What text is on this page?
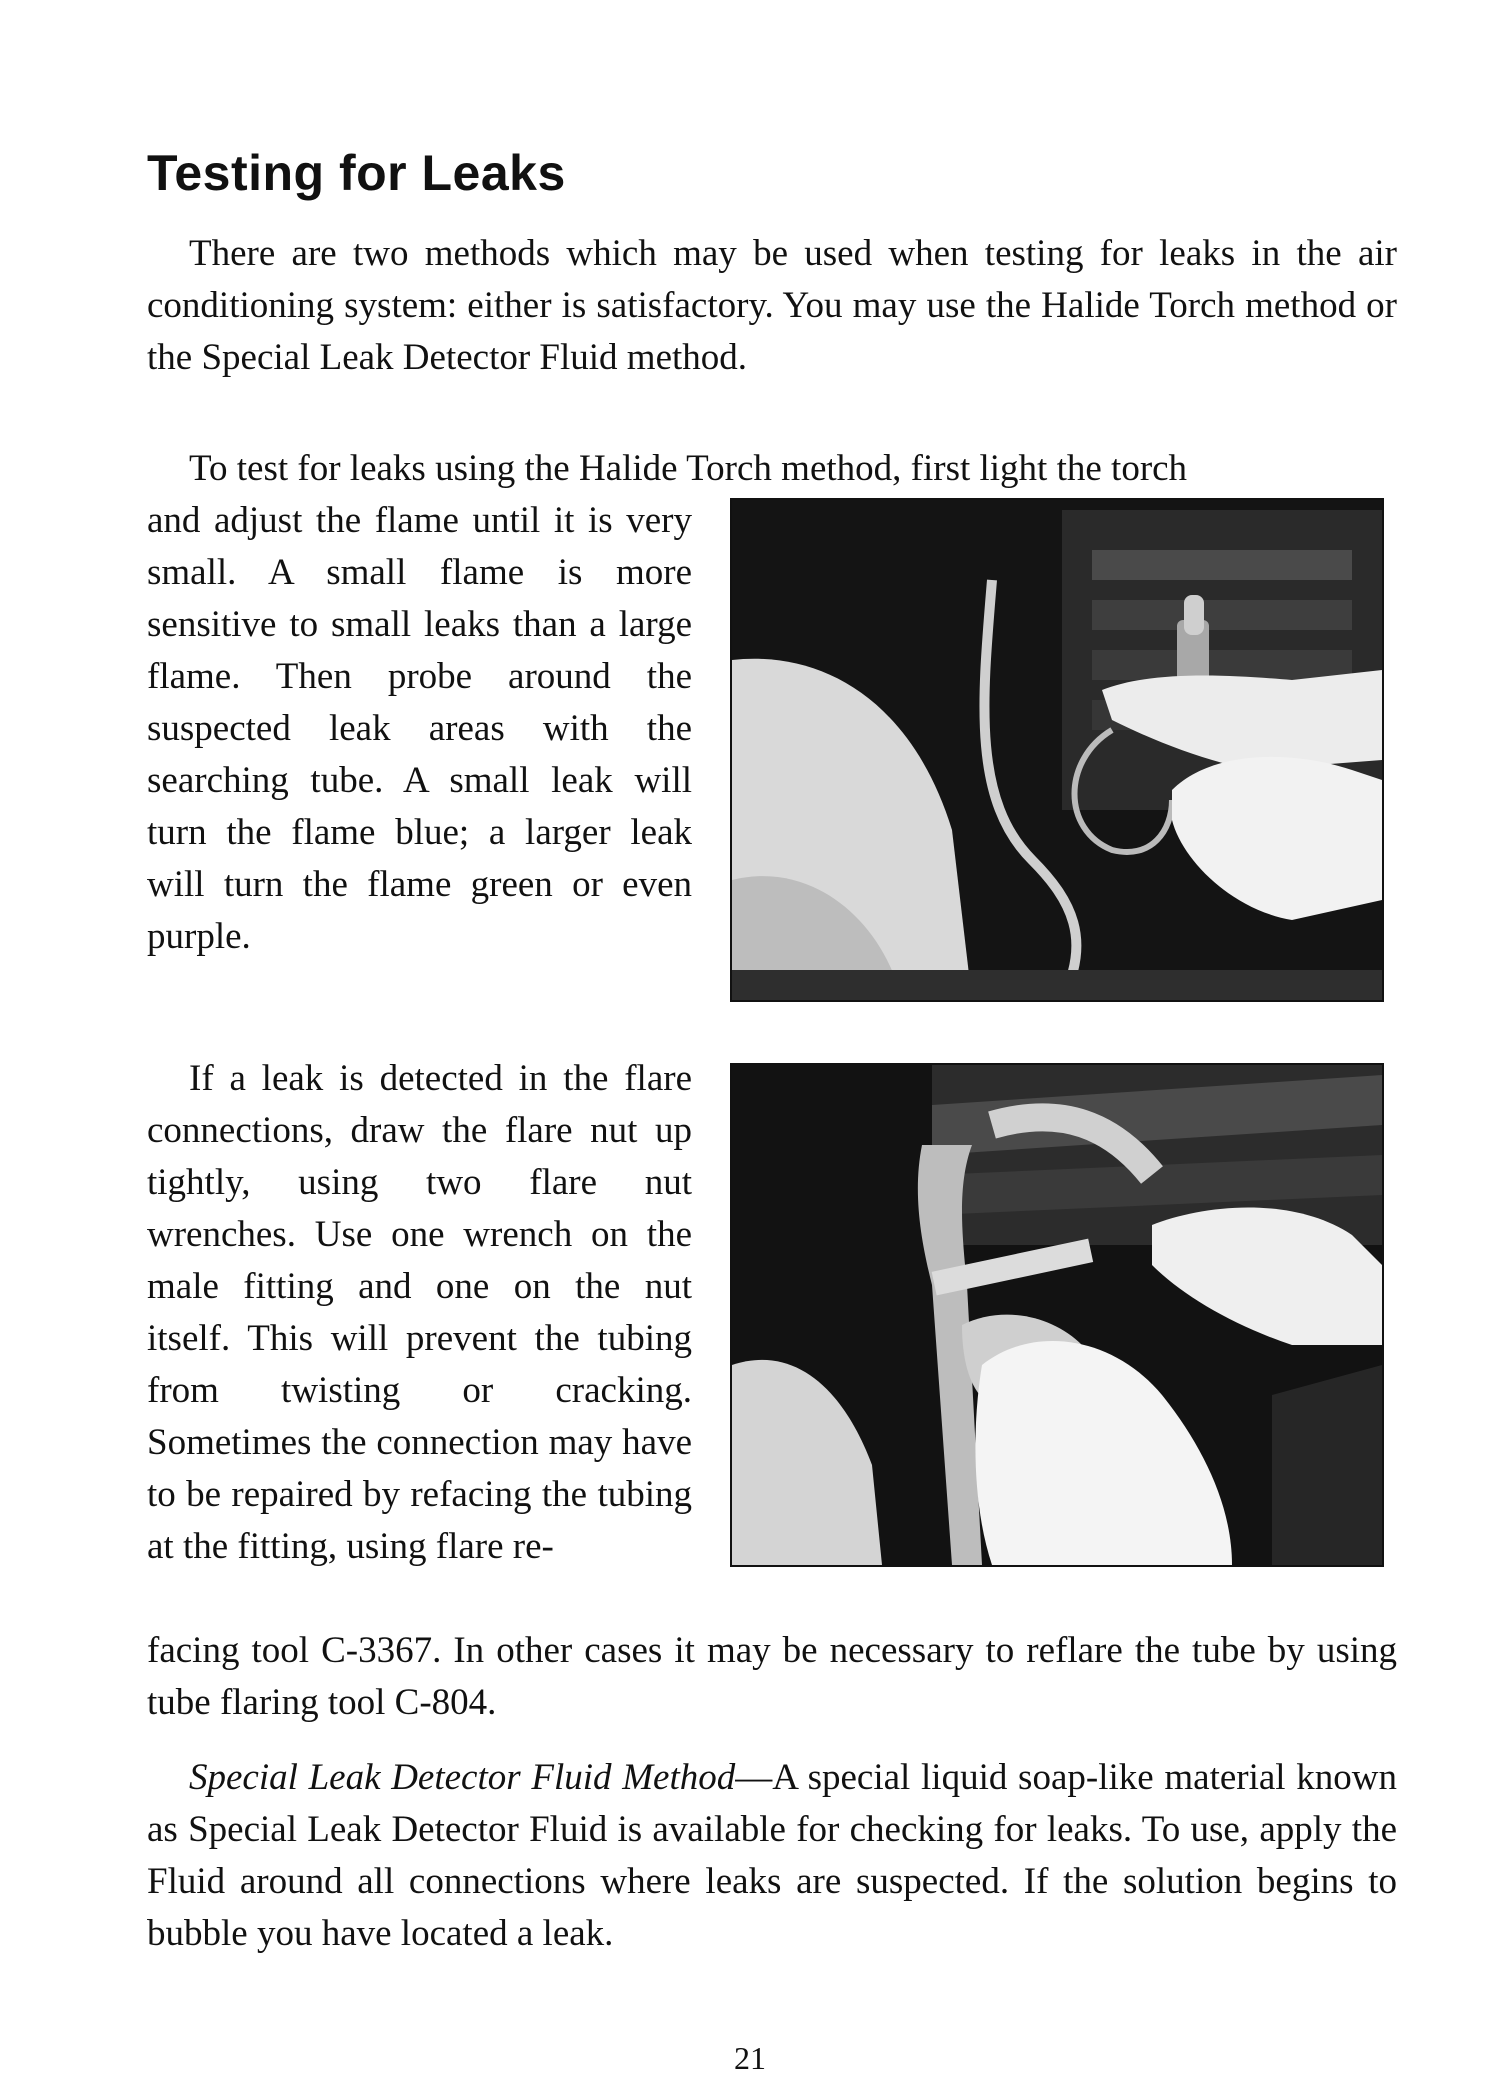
Testing for Leaks

There are two methods which may be used when testing for leaks in the air conditioning system: either is satisfactory. You may use the Halide Torch method or the Special Leak Detector Fluid method.

To test for leaks using the Halide Torch method, first light the torch

and adjust the flame until it is very small. A small flame is more sensitive to small leaks than a large flame. Then probe around the suspected leak areas with the searching tube. A small leak will turn the flame blue; a larger leak will turn the flame green or even purple.

If a leak is detected in the flare connections, draw the flare nut up tightly, using two flare nut wrenches. Use one wrench on the male fitting and one on the nut itself. This will prevent the tubing from twisting or cracking. Sometimes the connection may have to be repaired by refacing the tubing at the fitting, using flare re-

facing tool C-3367. In other cases it may be necessary to reflare the tube by using tube flaring tool C-804.

Special Leak Detector Fluid Method—A special liquid soap-like material known as Special Leak Detector Fluid is available for checking for leaks. To use, apply the Fluid around all connections where leaks are suspected. If the solution begins to bubble you have located a leak.

21
